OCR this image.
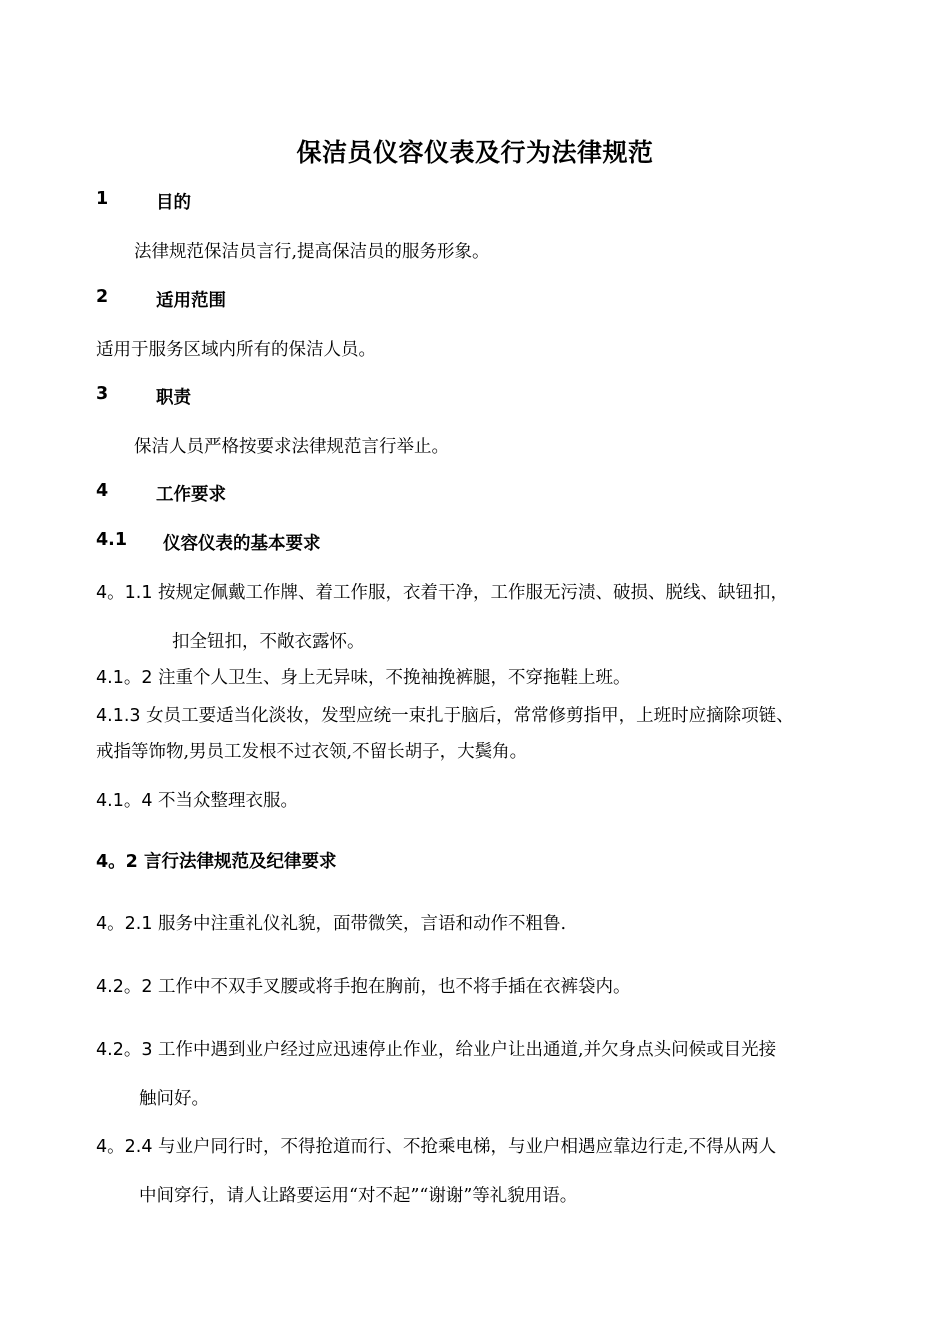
保洁员仪容仪表及行为法律规范
1	目的
法律规范保洁员言行,提高保洁员的服务形象。
2	适用范围
适用于服务区域内所有的保洁人员。
3	职责
保洁人员严格按要求法律规范言行举止。
4	工作要求
4.1 仪容仪表的基本要求
4。1.1 按规定佩戴工作牌、着工作服，衣着干净，工作服无污渍、破损、脱线、缺钮扣，
扣全钮扣，不敞衣露怀。
4.1。2 注重个人卫生、身上无异味，不挽袖挽裤腿，不穿拖鞋上班。
4.1.3 女员工要适当化淡妆，发型应统一束扎于脑后，常常修剪指甲，上班时应摘除项链、
戒指等饰物,男员工发根不过衣领,不留长胡子，大鬓角。
4.1。4 不当众整理衣服。
4。2 言行法律规范及纪律要求
4。2.1 服务中注重礼仪礼貌，面带微笑，言语和动作不粗鲁.
4.2。2 工作中不双手叉腰或将手抱在胸前，也不将手插在衣裤袋内。
4.2。3 工作中遇到业户经过应迅速停止作业，给业户让出通道,并欠身点头问候或目光接
触问好。
4。2.4 与业户同行时，不得抢道而行、不抢乘电梯，与业户相遇应靠边行走,不得从两人
中间穿行，请人让路要运用“对不起”“谢谢”等礼貌用语。
